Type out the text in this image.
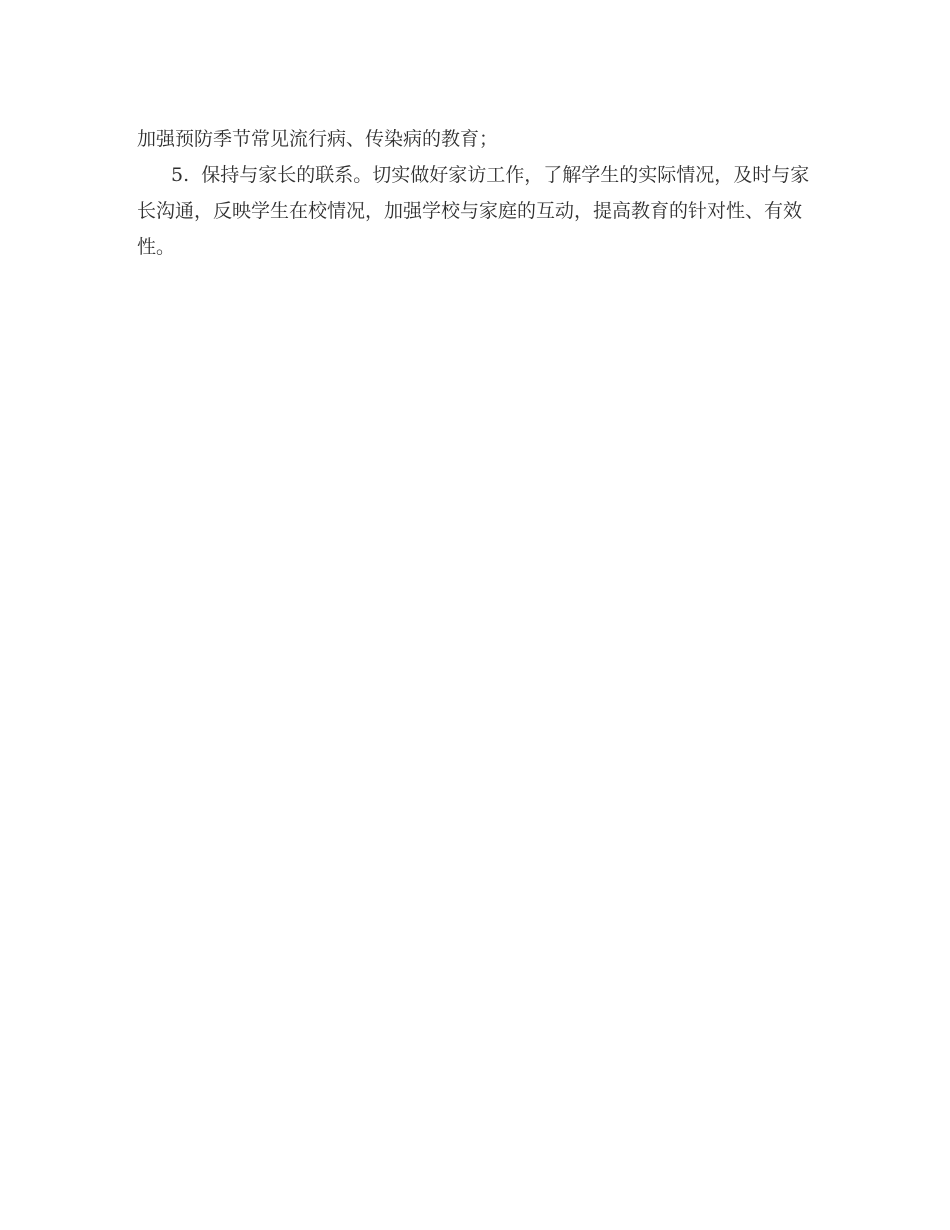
加强预防季节常见流行病、传染病的教育；

5.  保持与家长的联系。切实做好家访工作，了解学生的实际情况，及时与家

长沟通，反映学生在校情况，加强学校与家庭的互动，提高教育的针对性、有效

性。
